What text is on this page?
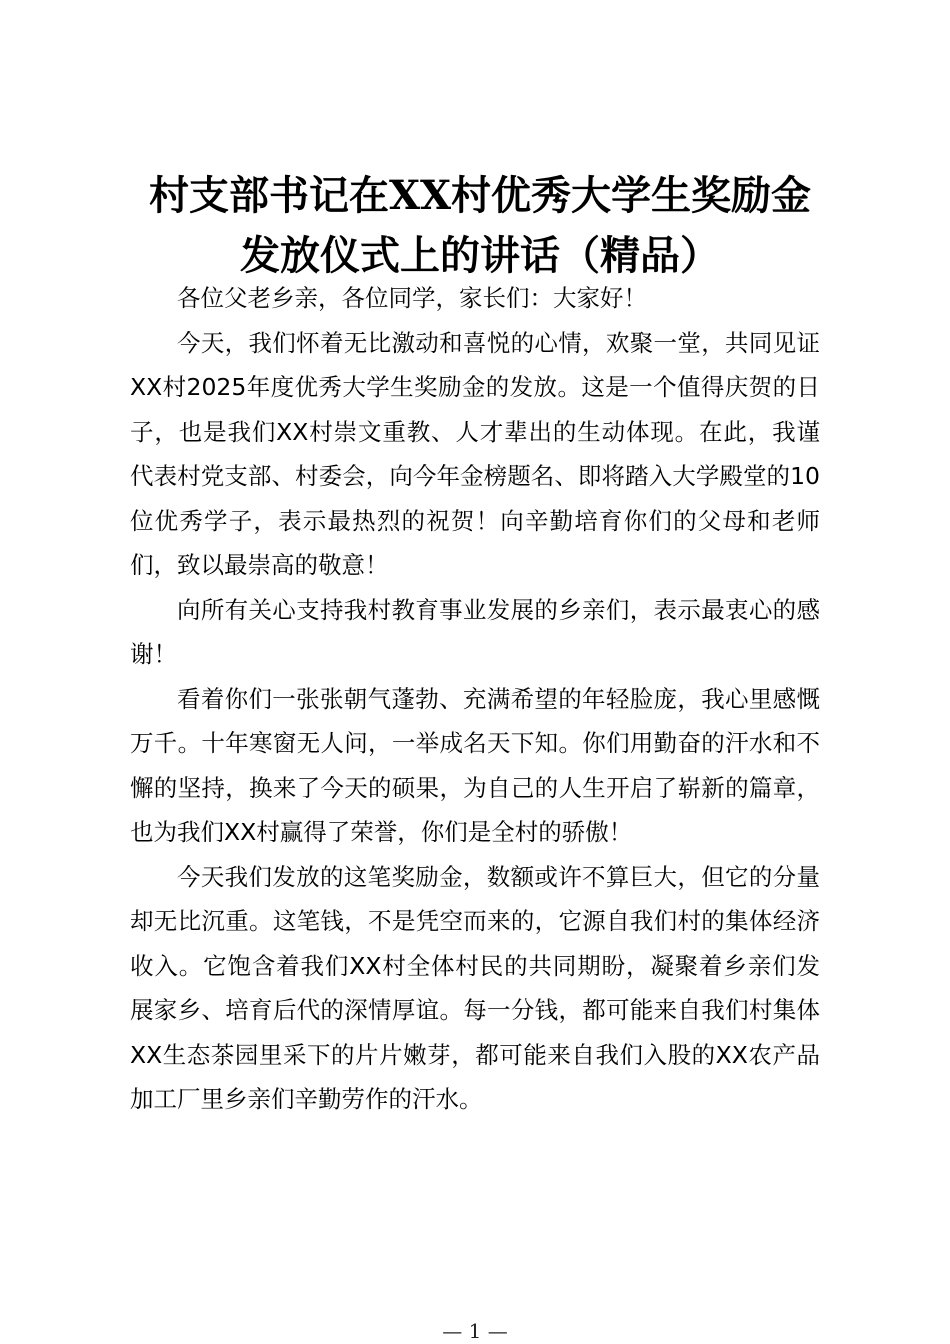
村支部书记在XX村优秀大学生奖励金
发放仪式上的讲话（精品）

各位父老乡亲，各位同学，家长们：大家好！

今天，我们怀着无比激动和喜悦的心情，欢聚一堂，共同见证XX村2025年度优秀大学生奖励金的发放。这是一个值得庆贺的日子，也是我们XX村崇文重教、人才辈出的生动体现。在此，我谨代表村党支部、村委会，向今年金榜题名、即将踏入大学殿堂的10位优秀学子，表示最热烈的祝贺！向辛勤培育你们的父母和老师们，致以最崇高的敬意！

向所有关心支持我村教育事业发展的乡亲们，表示最衷心的感谢！

看着你们一张张朝气蓬勃、充满希望的年轻脸庞，我心里感慨万千。十年寒窗无人问，一举成名天下知。你们用勤奋的汗水和不懈的坚持，换来了今天的硕果，为自己的人生开启了崭新的篇章，也为我们XX村赢得了荣誉，你们是全村的骄傲！

今天我们发放的这笔奖励金，数额或许不算巨大，但它的分量却无比沉重。这笔钱，不是凭空而来的，它源自我们村的集体经济收入。它饱含着我们XX村全体村民的共同期盼，凝聚着乡亲们发展家乡、培育后代的深情厚谊。每一分钱，都可能来自我们村集体XX生态茶园里采下的片片嫩芽，都可能来自我们入股的XX农产品加工厂里乡亲们辛勤劳作的汗水。

— 1 —
